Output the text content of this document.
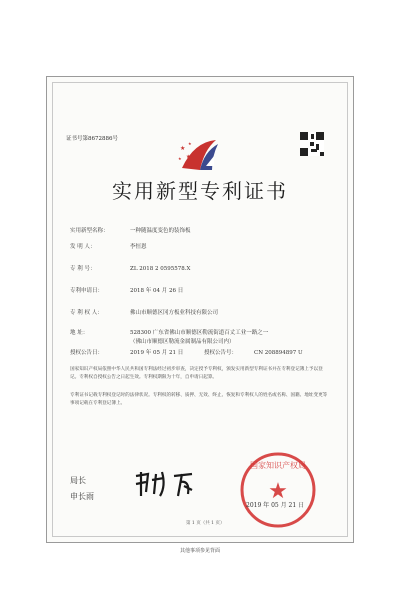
证书号第8672886号
★
★
★
★
★
实用新型专利证书
实用新型名称：	一种随温度变色的装饰板
发 明 人：	李恒恩
专 利 号：	ZL 2018 2 0595578.X
专利申请日：	2018 年 04 月 26 日
专 利 权 人：	佛山市顺德区冈方板业科技有限公司
地 址：	528300 广东省佛山市顺德区勒流街道百丈工业一路之一
（佛山市顺德区勒流金属制品有限公司内）
授权公告日：	2019 年 05 月 21 日	授权公告号：	CN 208894897 U
国家知识产权局依照中华人民共和国专利法经过初步审查，决定授予专利权，颁发实用新型专利证书并在专利登记簿上予以登记。专利权自授权公告之日起生效。专利权期限为十年，自申请日起算。
专利证书记载专利权登记时的法律状况。专利权的转移、质押、无效、终止、恢复和专利权人的姓名或名称、国籍、地址变更等事项记载在专利登记簿上。
局长
申长雨
国家知识产权局
★
2019 年 05 月 21 日
第 1 页（共 1 页）
其他事项参见背面
